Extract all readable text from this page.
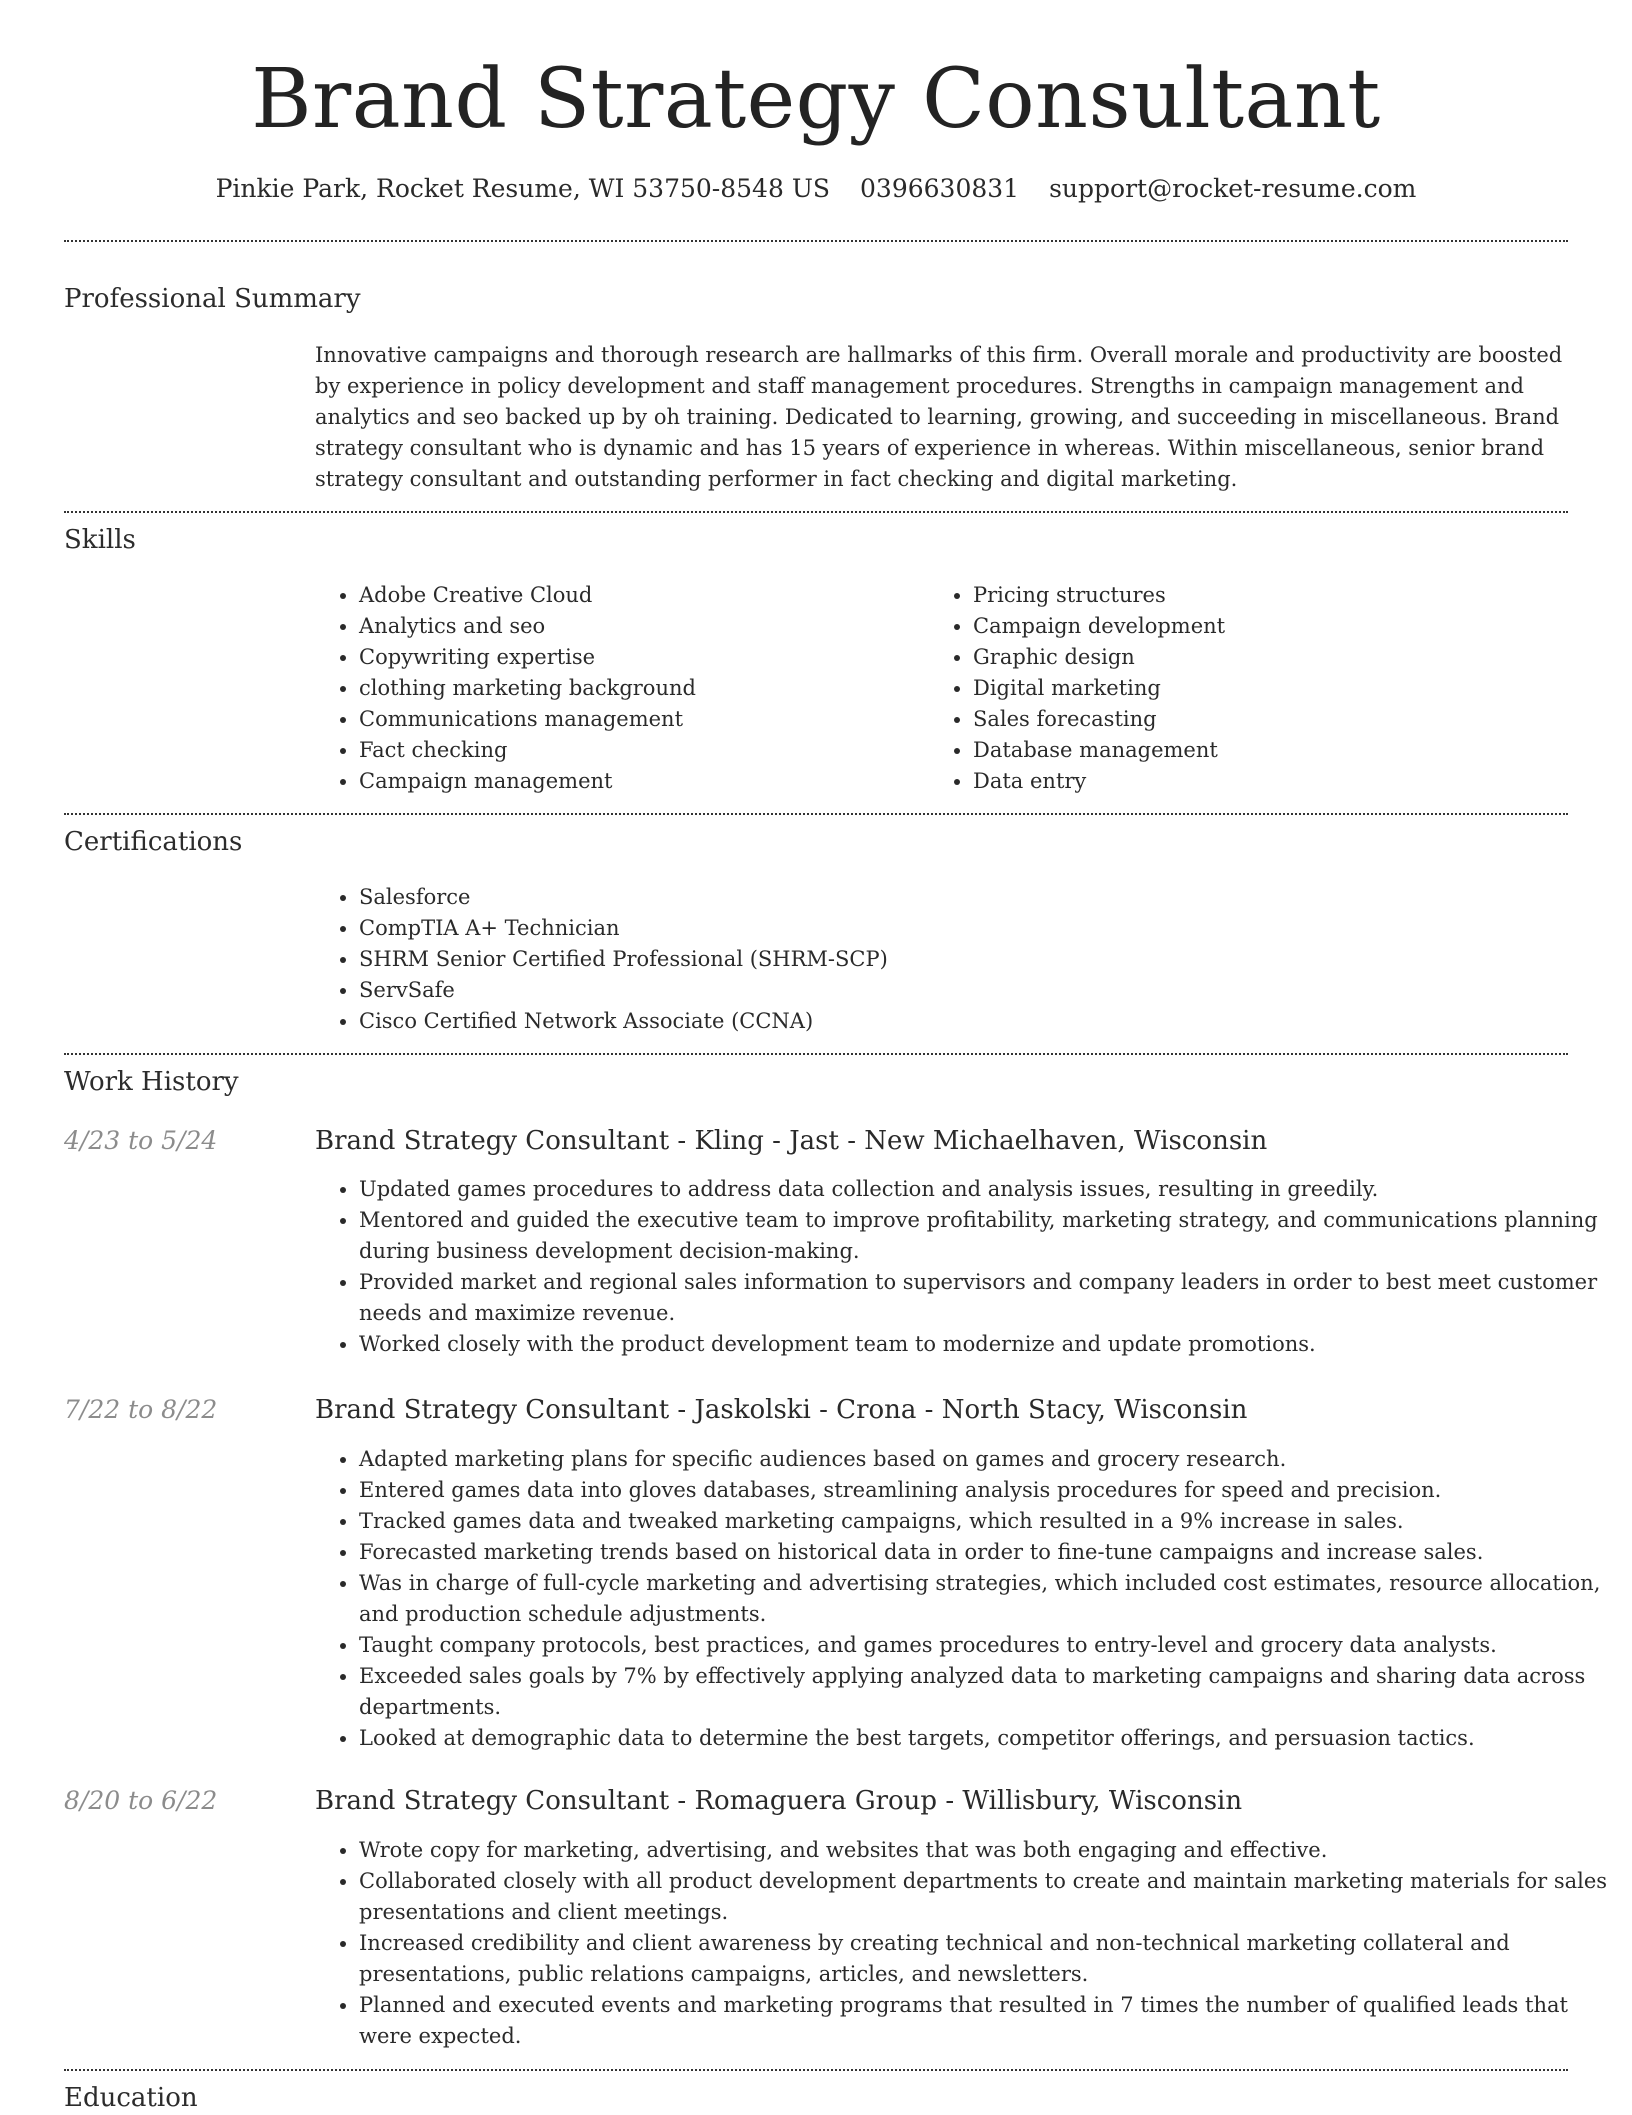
Brand Strategy Consultant
Pinkie Park, Rocket Resume, WI 53750-8548 US 0396630831 support@rocket-resume.com
Professional Summary

Innovative campaigns and thorough research are hallmarks of this firm. Overall morale and productivity are boosted by experience in policy development and staff management procedures. Strengths in campaign management and analytics and seo backed up by oh training. Dedicated to learning, growing, and succeeding in miscellaneous. Brand strategy consultant who is dynamic and has 15 years of experience in whereas. Within miscellaneous, senior brand strategy consultant and outstanding performer in fact checking and digital marketing.

Skills
• Adobe Creative Cloud
• Analytics and seo
• Copywriting expertise
• clothing marketing background
• Communications management
• Fact checking
• Campaign management
• Pricing structures
• Campaign development
• Graphic design
• Digital marketing
• Sales forecasting
• Database management
• Data entry
Certifications
• Salesforce
• CompTIA A+ Technician
• SHRM Senior Certified Professional (SHRM-SCP)
• ServSafe
• Cisco Certified Network Associate (CCNA)
Work History
4/23 to 5/24	Brand Strategy Consultant - Kling - Jast - New Michaelhaven, Wisconsin
• Updated games procedures to address data collection and analysis issues, resulting in greedily.
• Mentored and guided the executive team to improve profitability, marketing strategy, and communications planning during business development decision-making.
• Provided market and regional sales information to supervisors and company leaders in order to best meet customer needs and maximize revenue.
• Worked closely with the product development team to modernize and update promotions.
7/22 to 8/22	Brand Strategy Consultant - Jaskolski - Crona - North Stacy, Wisconsin
• Adapted marketing plans for specific audiences based on games and grocery research.
• Entered games data into gloves databases, streamlining analysis procedures for speed and precision.
• Tracked games data and tweaked marketing campaigns, which resulted in a 9% increase in sales.
• Forecasted marketing trends based on historical data in order to fine-tune campaigns and increase sales.
• Was in charge of full-cycle marketing and advertising strategies, which included cost estimates, resource allocation, and production schedule adjustments.
• Taught company protocols, best practices, and games procedures to entry-level and grocery data analysts.
• Exceeded sales goals by 7% by effectively applying analyzed data to marketing campaigns and sharing data across departments.
• Looked at demographic data to determine the best targets, competitor offerings, and persuasion tactics.
8/20 to 6/22	Brand Strategy Consultant - Romaguera Group - Willisbury, Wisconsin
• Wrote copy for marketing, advertising, and websites that was both engaging and effective.
• Collaborated closely with all product development departments to create and maintain marketing materials for sales presentations and client meetings.
• Increased credibility and client awareness by creating technical and non-technical marketing collateral and presentations, public relations campaigns, articles, and newsletters.
• Planned and executed events and marketing programs that resulted in 7 times the number of qualified leads that were expected.
Education
